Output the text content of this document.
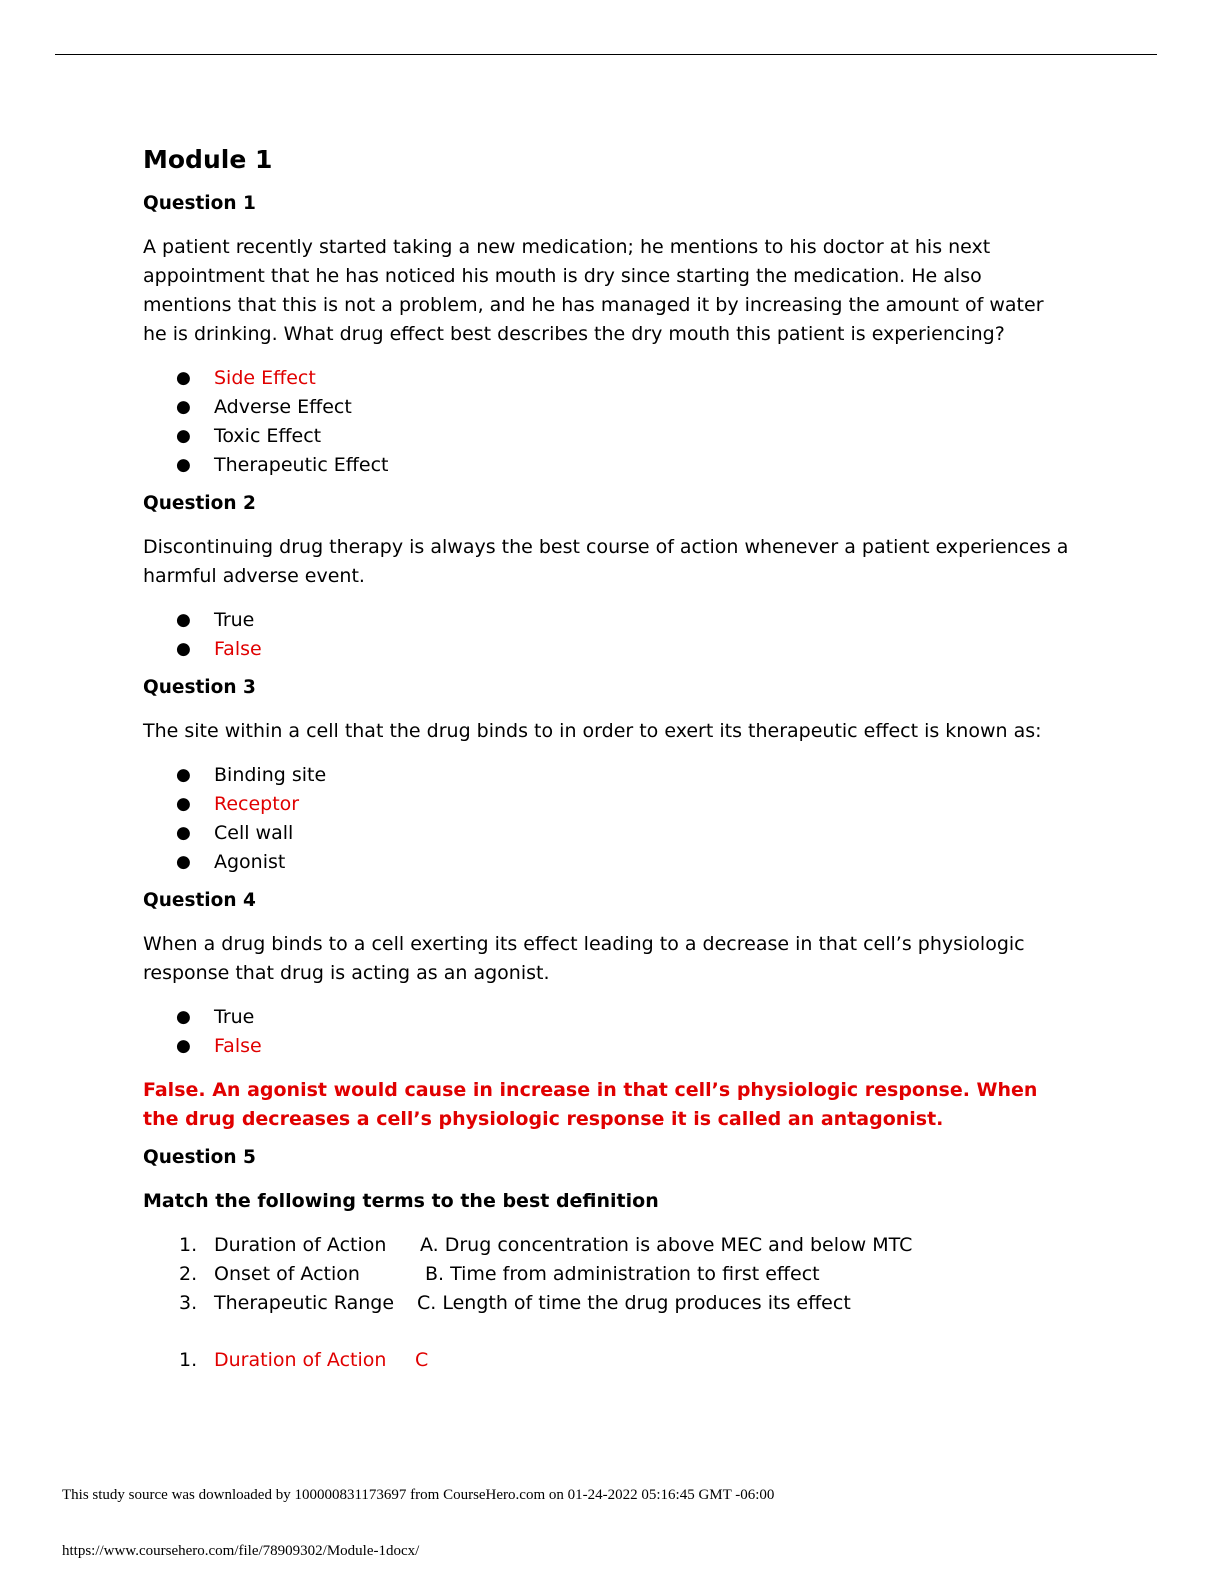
Module 1
Question 1
A patient recently started taking a new medication; he mentions to his doctor at his next appointment that he has noticed his mouth is dry since starting the medication. He also mentions that this is not a problem, and he has managed it by increasing the amount of water he is drinking. What drug effect best describes the dry mouth this patient is experiencing?
● Side Effect
● Adverse Effect
● Toxic Effect
● Therapeutic Effect
Question 2
Discontinuing drug therapy is always the best course of action whenever a patient experiences a harmful adverse event.
● True
● False
Question 3
The site within a cell that the drug binds to in order to exert its therapeutic effect is known as:
● Binding site
● Receptor
● Cell wall
● Agonist
Question 4
When a drug binds to a cell exerting its effect leading to a decrease in that cell’s physiologic response that drug is acting as an agonist.
● True
● False
False. An agonist would cause in increase in that cell’s physiologic response. When the drug decreases a cell’s physiologic response it is called an antagonist.
Question 5
Match the following terms to the best definition
1. Duration of Action A. Drug concentration is above MEC and below MTC
2. Onset of Action	B. Time from administration to first effect
3. Therapeutic Range C. Length of time the drug produces its effect
1. Duration of Action C
This study source was downloaded by 100000831173697 from CourseHero.com on 01-24-2022 05:16:45 GMT -06:00
https://www.coursehero.com/file/78909302/Module-1docx/
